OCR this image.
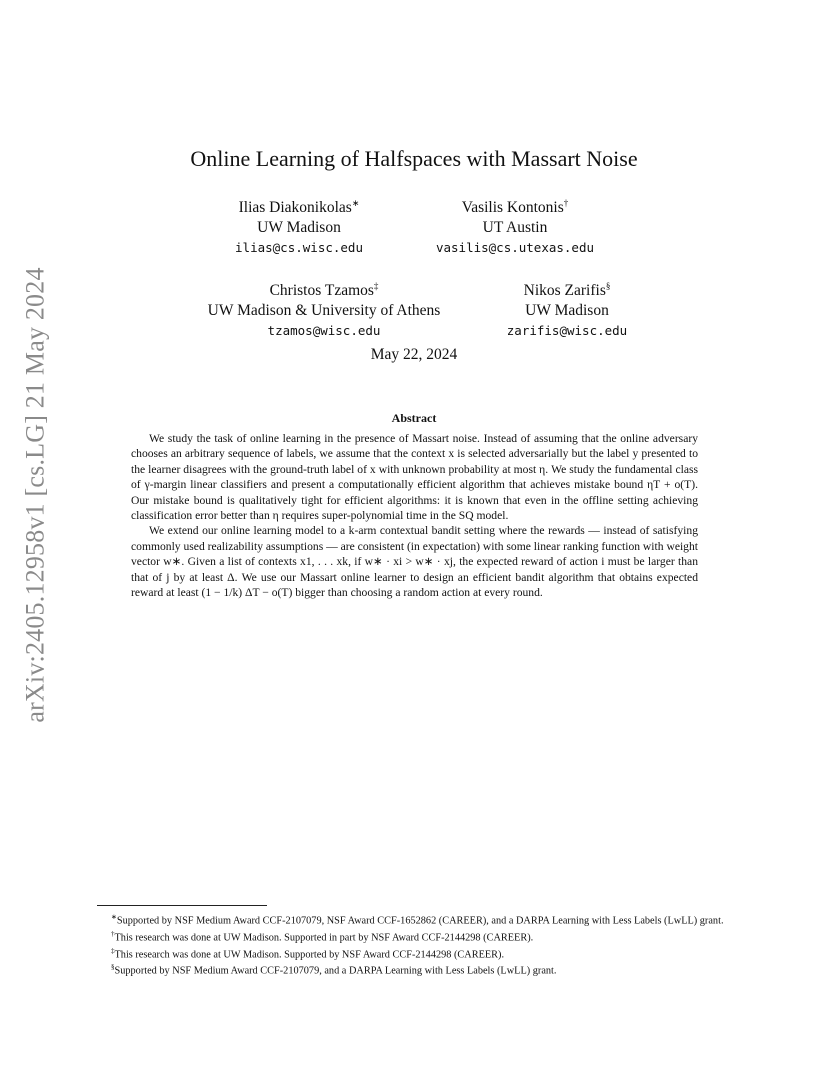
arXiv:2405.12958v1 [cs.LG] 21 May 2024
Online Learning of Halfspaces with Massart Noise
Ilias Diakonikolas∗
UW Madison
ilias@cs.wisc.edu
Vasilis Kontonis†
UT Austin
vasilis@cs.utexas.edu
Christos Tzamos‡
UW Madison & University of Athens
tzamos@wisc.edu
Nikos Zarifis§
UW Madison
zarifis@wisc.edu
May 22, 2024
Abstract

We study the task of online learning in the presence of Massart noise. Instead of assuming that the online adversary chooses an arbitrary sequence of labels, we assume that the context x is selected adversarially but the label y presented to the learner disagrees with the ground-truth label of x with unknown probability at most η. We study the fundamental class of γ-margin linear classifiers and present a computationally efficient algorithm that achieves mistake bound ηT + o(T). Our mistake bound is qualitatively tight for efficient algorithms: it is known that even in the offline setting achieving classification error better than η requires super-polynomial time in the SQ model.

We extend our online learning model to a k-arm contextual bandit setting where the rewards — instead of satisfying commonly used realizability assumptions — are consistent (in expectation) with some linear ranking function with weight vector w∗. Given a list of contexts x1, . . . xk, if w∗ · xi > w∗ · xj, the expected reward of action i must be larger than that of j by at least Δ. We use our Massart online learner to design an efficient bandit algorithm that obtains expected reward at least (1 − 1/k) ΔT − o(T) bigger than choosing a random action at every round.

∗Supported by NSF Medium Award CCF-2107079, NSF Award CCF-1652862 (CAREER), and a DARPA Learning with Less Labels (LwLL) grant.

†This research was done at UW Madison. Supported in part by NSF Award CCF-2144298 (CAREER).

‡This research was done at UW Madison. Supported by NSF Award CCF-2144298 (CAREER).

§Supported by NSF Medium Award CCF-2107079, and a DARPA Learning with Less Labels (LwLL) grant.
